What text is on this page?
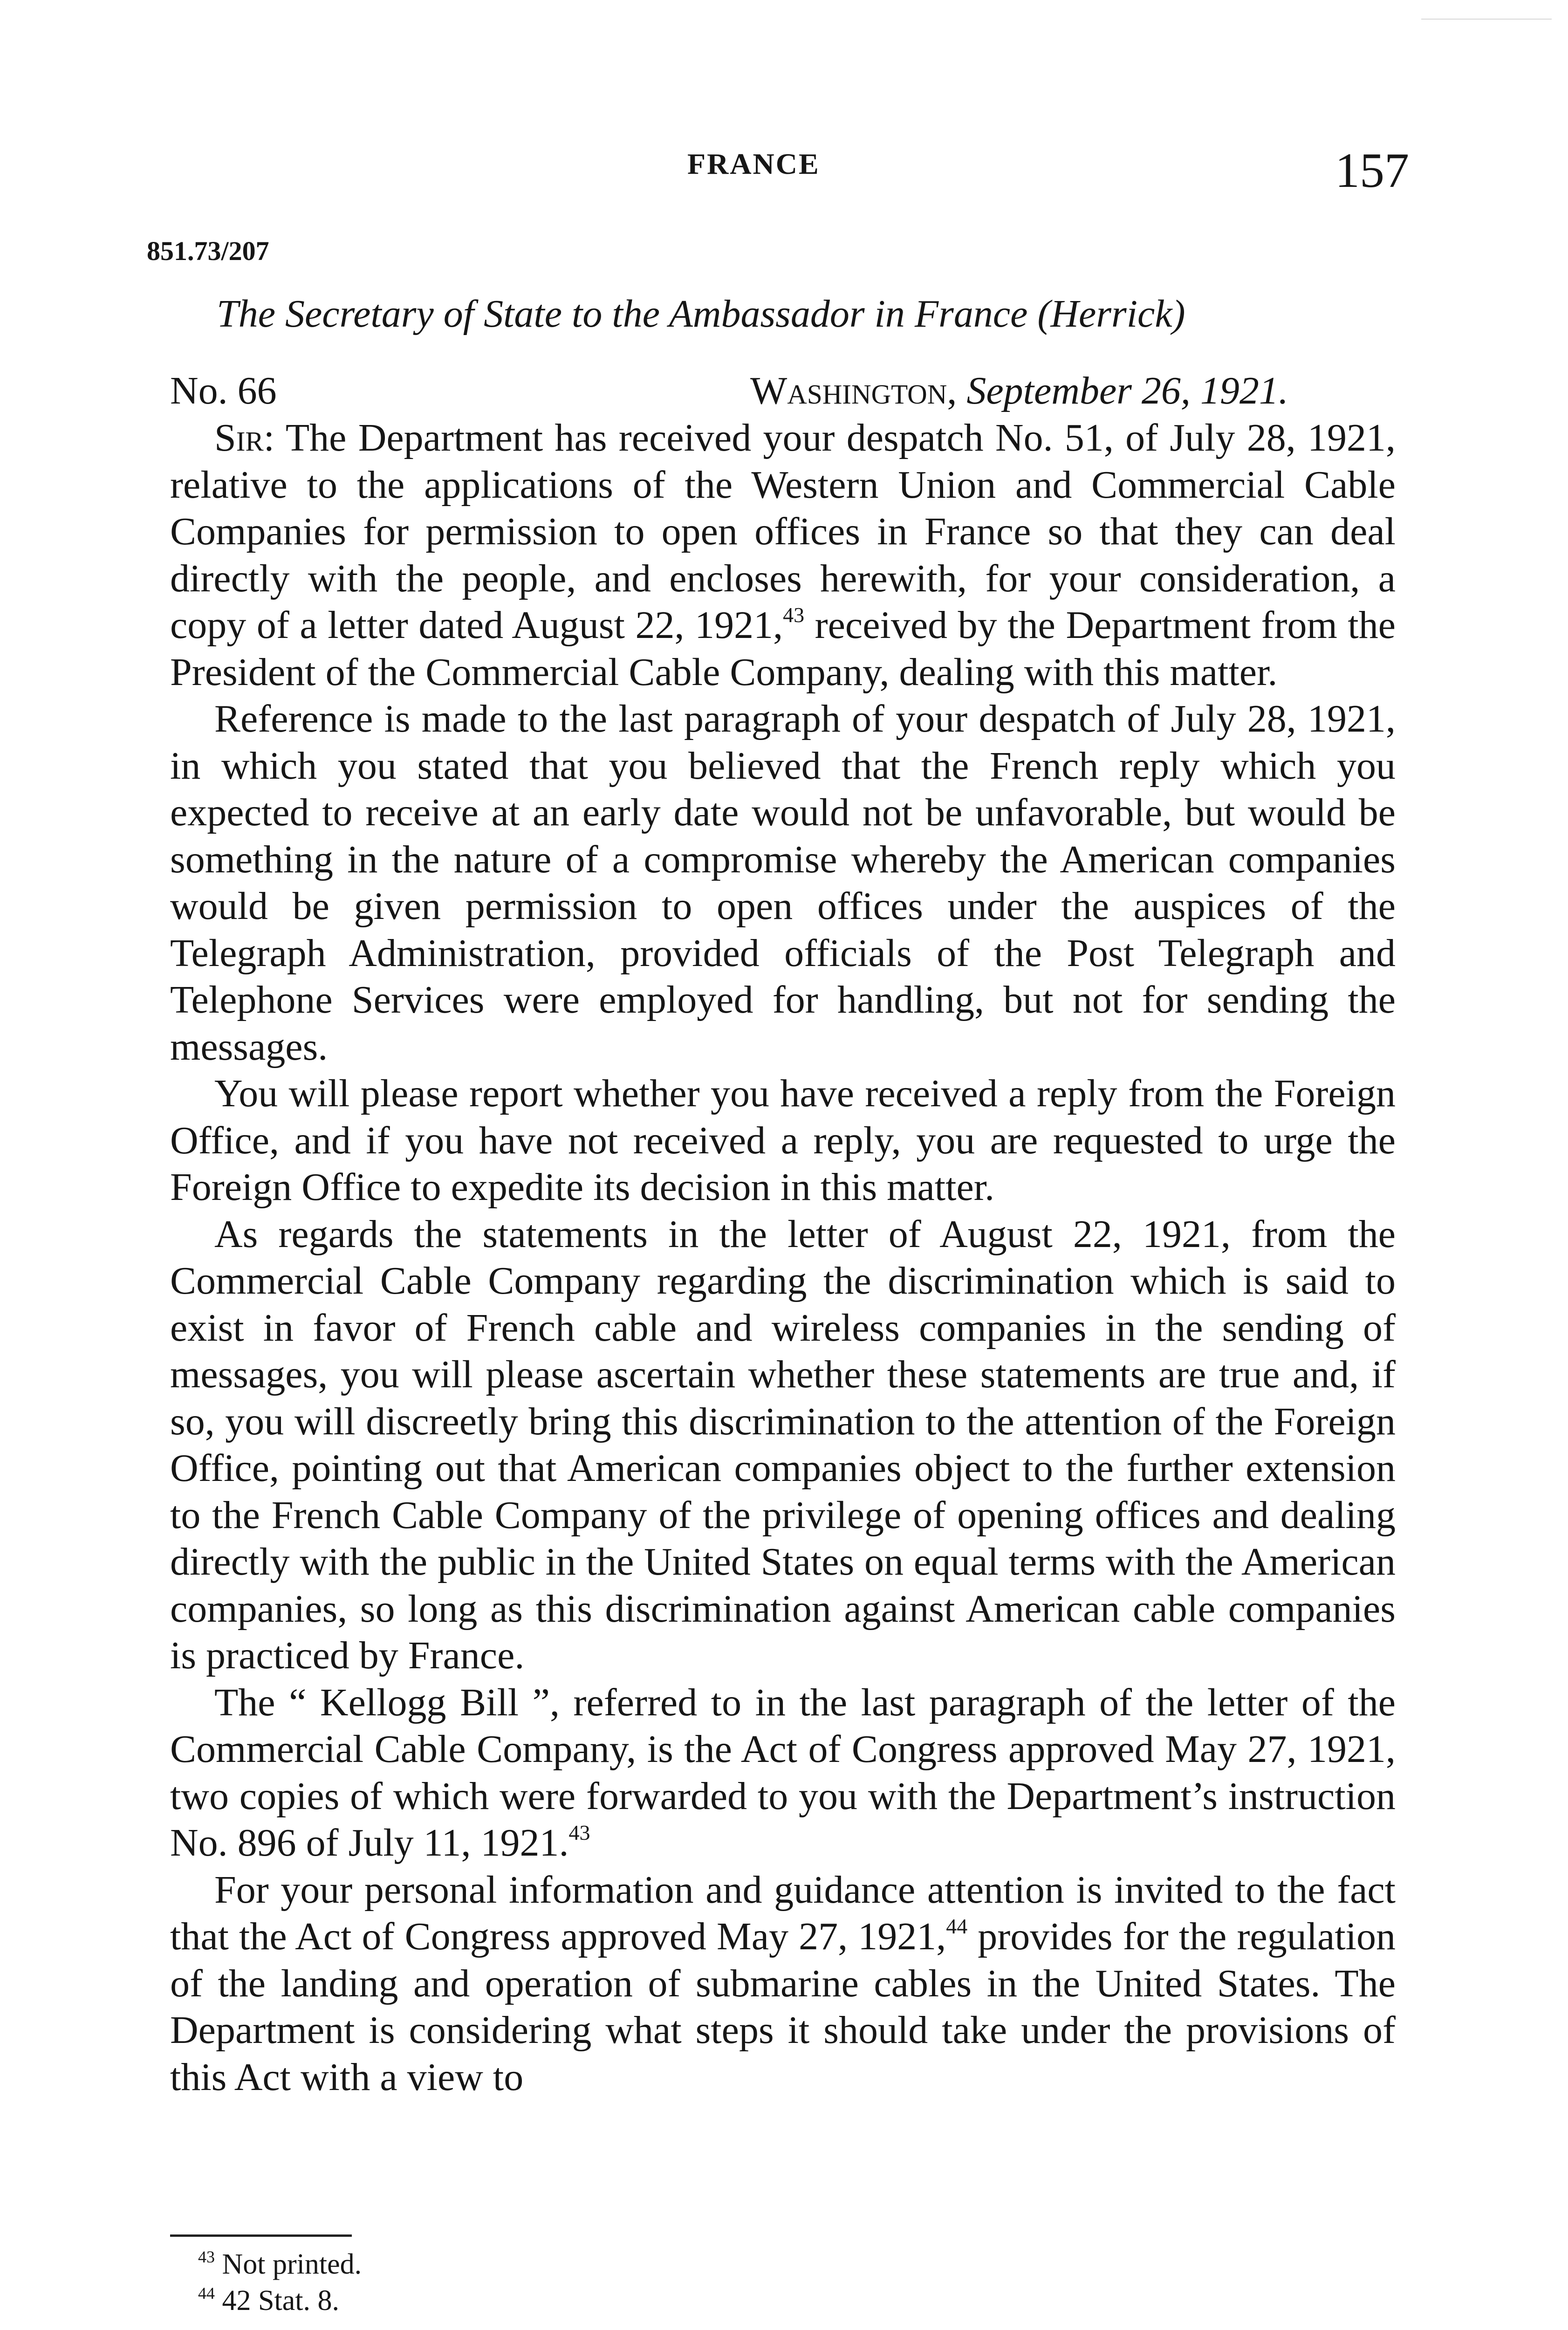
FRANCE	157
851.73/207
The Secretary of State to the Ambassador in France (Herrick)
No. 66	Washington, September 26, 1921.

Sir: The Department has received your despatch No. 51, of July 28, 1921, relative to the applications of the Western Union and Commercial Cable Companies for permission to open offices in France so that they can deal directly with the people, and encloses herewith, for your consideration, a copy of a letter dated August 22, 1921,43 received by the Department from the President of the Commercial Cable Company, dealing with this matter.

Reference is made to the last paragraph of your despatch of July 28, 1921, in which you stated that you believed that the French reply which you expected to receive at an early date would not be unfavorable, but would be something in the nature of a compromise whereby the American companies would be given permission to open offices under the auspices of the Telegraph Administration, provided officials of the Post Telegraph and Telephone Services were employed for handling, but not for sending the messages.

You will please report whether you have received a reply from the Foreign Office, and if you have not received a reply, you are requested to urge the Foreign Office to expedite its decision in this matter.

As regards the statements in the letter of August 22, 1921, from the Commercial Cable Company regarding the discrimination which is said to exist in favor of French cable and wireless companies in the sending of messages, you will please ascertain whether these statements are true and, if so, you will discreetly bring this discrimination to the attention of the Foreign Office, pointing out that American companies object to the further extension to the French Cable Company of the privilege of opening offices and dealing directly with the public in the United States on equal terms with the American companies, so long as this discrimination against American cable companies is practiced by France.

The “ Kellogg Bill ”, referred to in the last paragraph of the letter of the Commercial Cable Company, is the Act of Congress approved May 27, 1921, two copies of which were forwarded to you with the Department’s instruction No. 896 of July 11, 1921.43

For your personal information and guidance attention is invited to the fact that the Act of Congress approved May 27, 1921,44 provides for the regulation of the landing and operation of submarine cables in the United States. The Department is considering what steps it should take under the provisions of this Act with a view to

$^{43}$ Not printed.
$^{44}$ 42 Stat. 8.
